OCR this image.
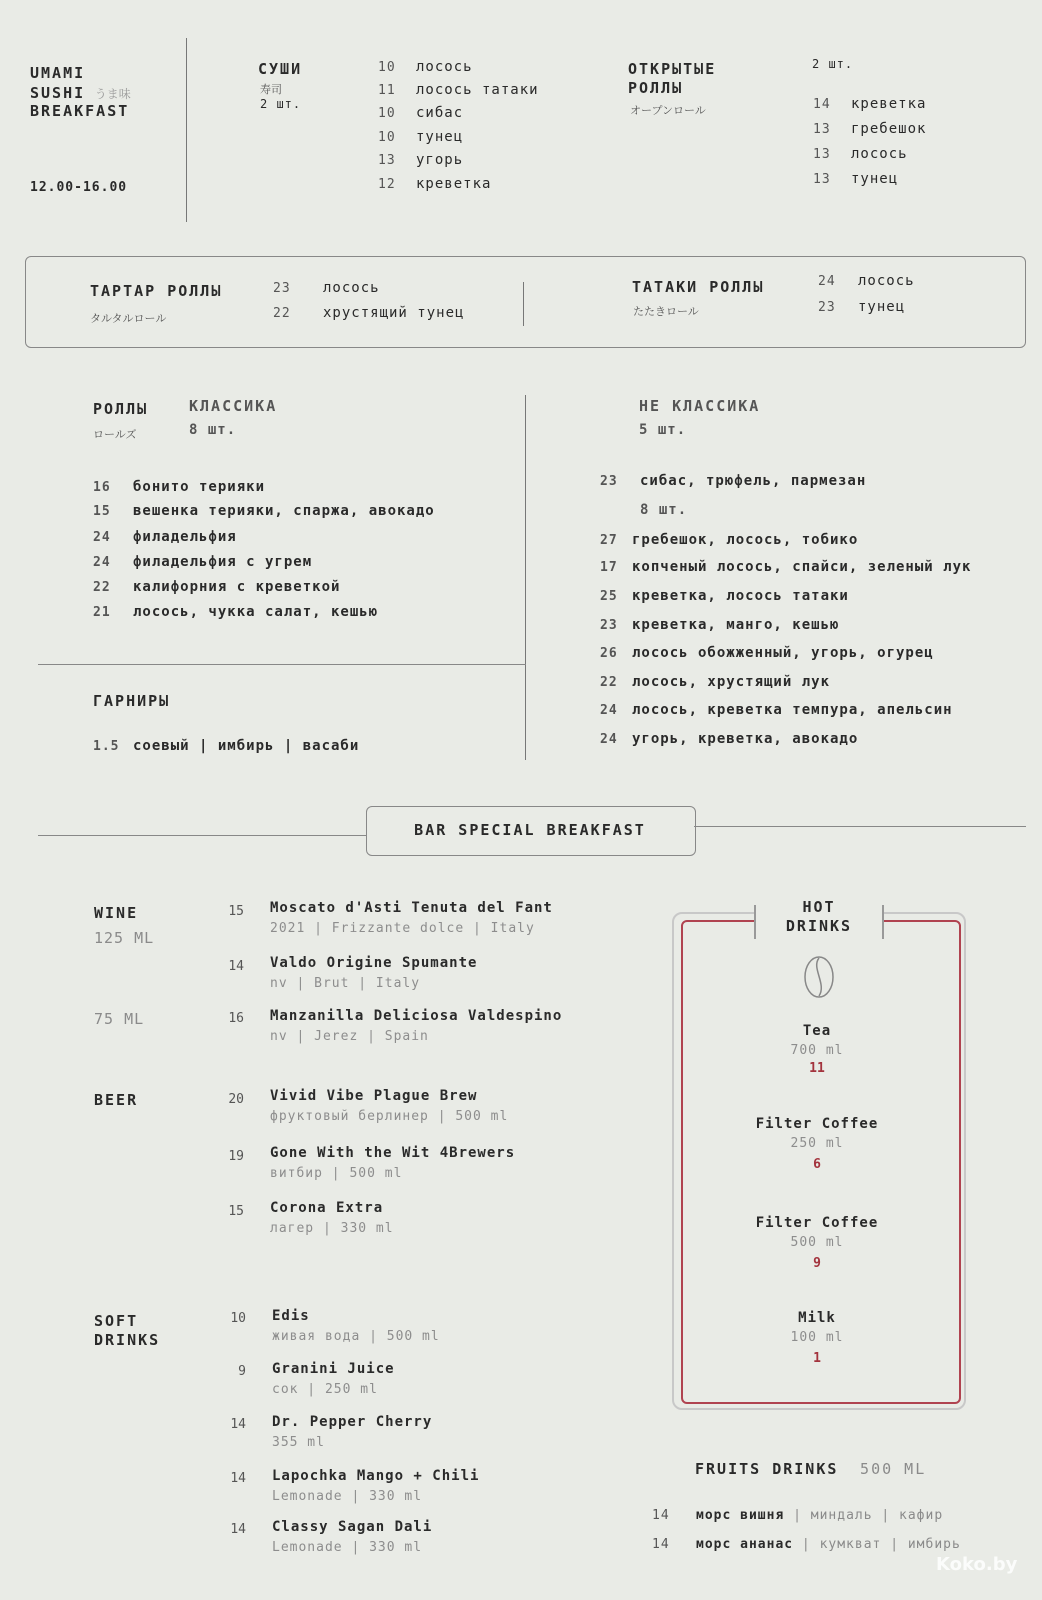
UMAMI
SUSHI うま味
BREAKFAST
12.00-16.00
СУШИ
寿司
2 шт.
10 лосось
11 лосось татаки
10 сибас
10 тунец
13 угорь
12 креветка
ОТКРЫТЫЕ
РОЛЛЫ
オープンロール
2 шт.
14 креветка
13 гребешок
13 лосось
13 тунец
ТАРТАР РОЛЛЫ
タルタルロール
23 лосось
22 хрустящий тунец
ТАТАКИ РОЛЛЫ
たたきロール
24 лосось
23 тунец
РОЛЛЫ
ロールズ
КЛАССИКА
8 шт.
16 бонито терияки
15 вешенка терияки, спаржа, авокадо
24 филадельфия
24 филадельфия с угрем
22 калифорния с креветкой
21 лосось, чукка салат, кешью
ГАРНИРЫ
1.5 соевый | имбирь | васаби
НЕ КЛАССИКА
5 шт.
23 сибас, трюфель, пармезан
8 шт.
27 гребешок, лосось, тобико
17 копченый лосось, спайси, зеленый лук
25 креветка, лосось татаки
23 креветка, манго, кешью
26 лосось обожженный, угорь, огурец
22 лосось, хрустящий лук
24 лосось, креветка темпура, апельсин
24 угорь, креветка, авокадо
BAR SPECIAL BREAKFAST
WINE
125 ML
75 ML
15 Moscato d'Asti Tenuta del Fant
2021 | Frizzante dolce | Italy
14 Valdo Origine Spumante
nv | Brut | Italy
16 Manzanilla Deliciosa Valdespino
nv | Jerez | Spain
BEER	20 Vivid Vibe Plague Brew
фруктовый берлинер | 500 ml
19 Gone With the Wit 4Brewers
витбир | 500 ml
15 Corona Extra
лагер | 330 ml
SOFT
DRINKS
10 Edis
живая вода | 500 ml
9 Granini Juice
сок | 250 ml
14 Dr. Pepper Cherry
355 ml
14 Lapochka Mango + Chili
Lemonade | 330 ml
14 Classy Sagan Dali
Lemonade | 330 ml
HOT
DRINKS
Tea
700 ml
11
Filter Coffee
250 ml
6
Filter Coffee
500 ml
9
Milk
100 ml
1
FRUITS DRINKS 500 ML
14 морс вишня | миндаль | кафир
14 морс ананас | кумкват | имбирь
Koko.by
